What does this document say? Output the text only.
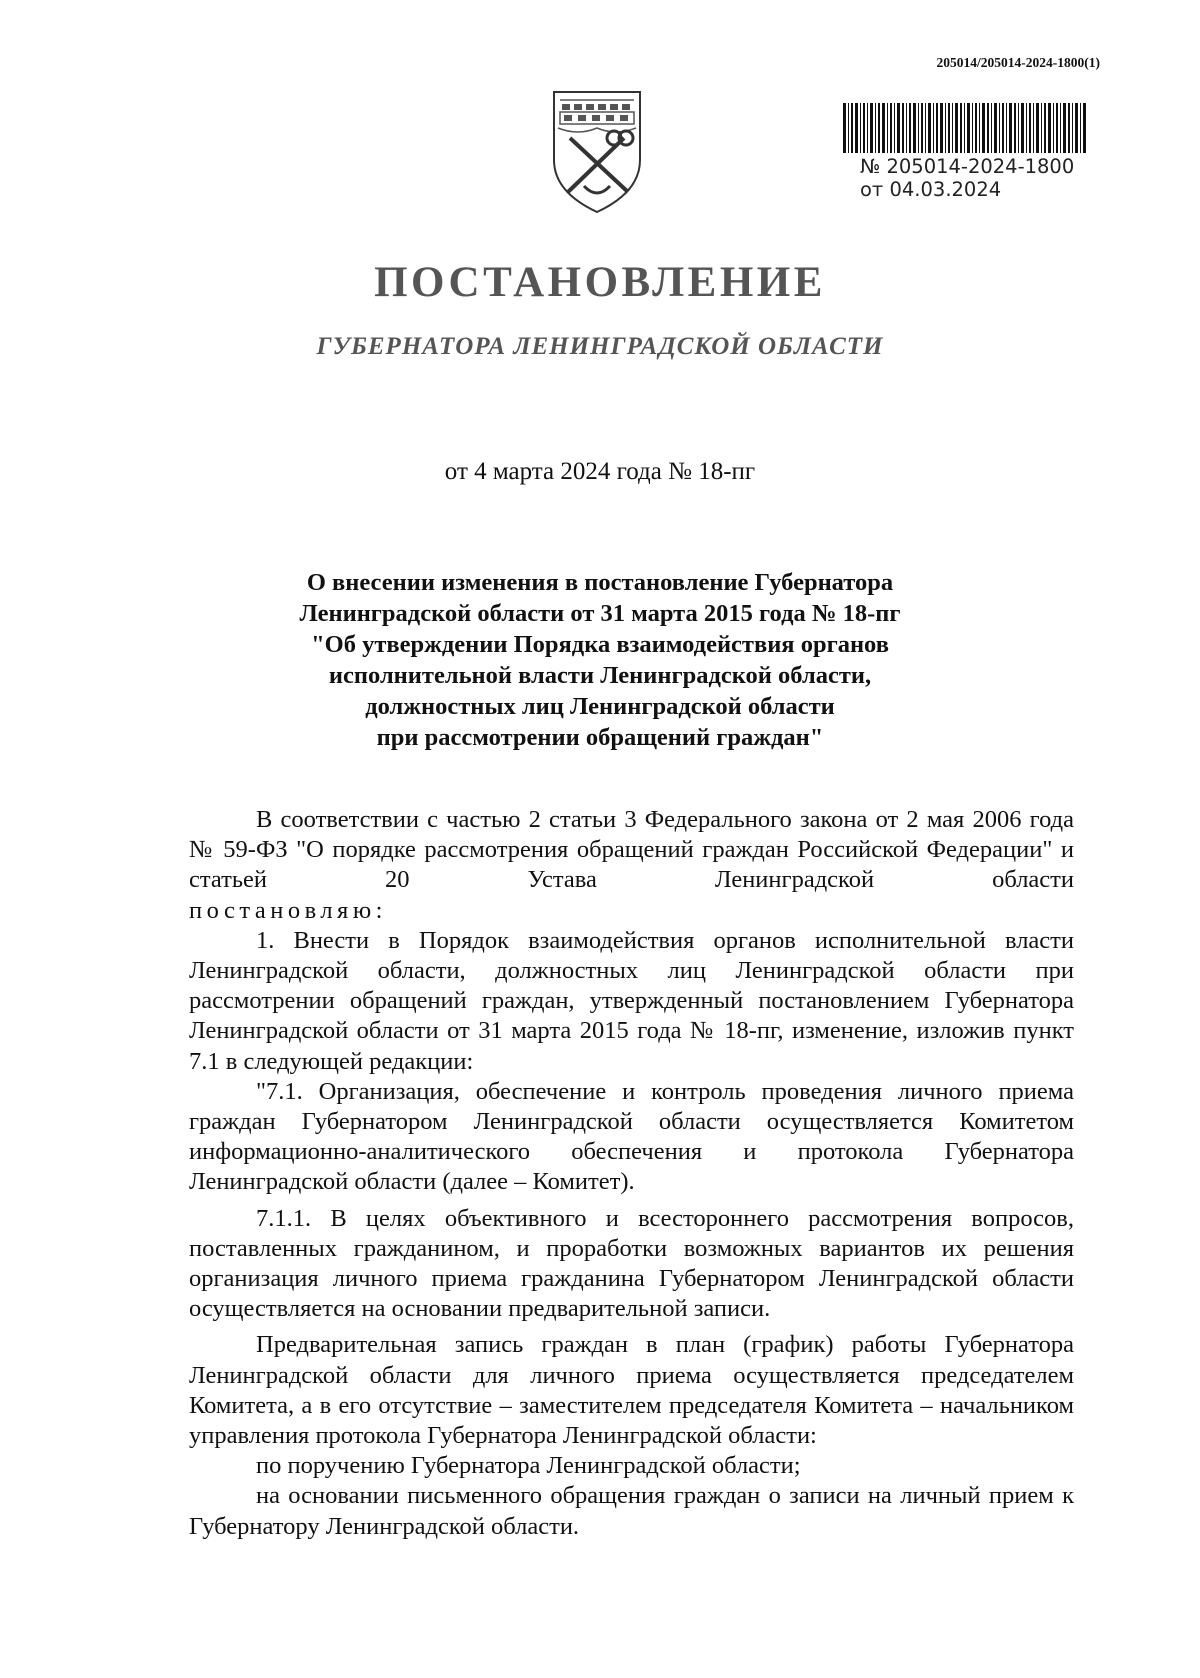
205014/205014-2024-1800(1)
№ 205014-2024-1800
от 04.03.2024
ПОСТАНОВЛЕНИЕ
ГУБЕРНАТОРА ЛЕНИНГРАДСКОЙ ОБЛАСТИ
от 4 марта 2024 года № 18-пг
О внесении изменения в постановление Губернатора
Ленинградской области от 31 марта 2015 года № 18-пг
"Об утверждении Порядка взаимодействия органов
исполнительной власти Ленинградской области,
должностных лиц Ленинградской области
при рассмотрении обращений граждан"

В соответствии с частью 2 статьи 3 Федерального закона от 2 мая 2006 года № 59-ФЗ "О порядке рассмотрения обращений граждан Российской Федерации" и статьей 20 Устава Ленинградской области

постановляю:

1. Внести в Порядок взаимодействия органов исполнительной власти Ленинградской области, должностных лиц Ленинградской области при рассмотрении обращений граждан, утвержденный постановлением Губернатора Ленинградской области от 31 марта 2015 года № 18-пг, изменение, изложив пункт 7.1 в следующей редакции:

"7.1. Организация, обеспечение и контроль проведения личного приема граждан Губернатором Ленинградской области осуществляется Комитетом информационно-аналитического обеспечения и протокола Губернатора Ленинградской области (далее – Комитет).

7.1.1. В целях объективного и всестороннего рассмотрения вопросов, поставленных гражданином, и проработки возможных вариантов их решения организация личного приема гражданина Губернатором Ленинградской области осуществляется на основании предварительной записи.

Предварительная запись граждан в план (график) работы Губернатора Ленинградской области для личного приема осуществляется председателем Комитета, а в его отсутствие – заместителем председателя Комитета – начальником управления протокола Губернатора Ленинградской области:

по поручению Губернатора Ленинградской области;

на основании письменного обращения граждан о записи на личный прием к Губернатору Ленинградской области.
